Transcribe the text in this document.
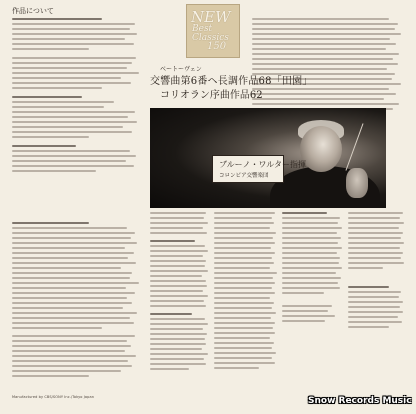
作品について	NEW
Best Classics
150
ベートーヴェン
交響曲第6番ヘ長調作品68「田園」
コリオラン序曲作品62
ブルーノ・ワルター指揮
コロンビア交響楽団
Manufactured by CBS/SONY Inc./Tokyo Japan	Snow Records Music
